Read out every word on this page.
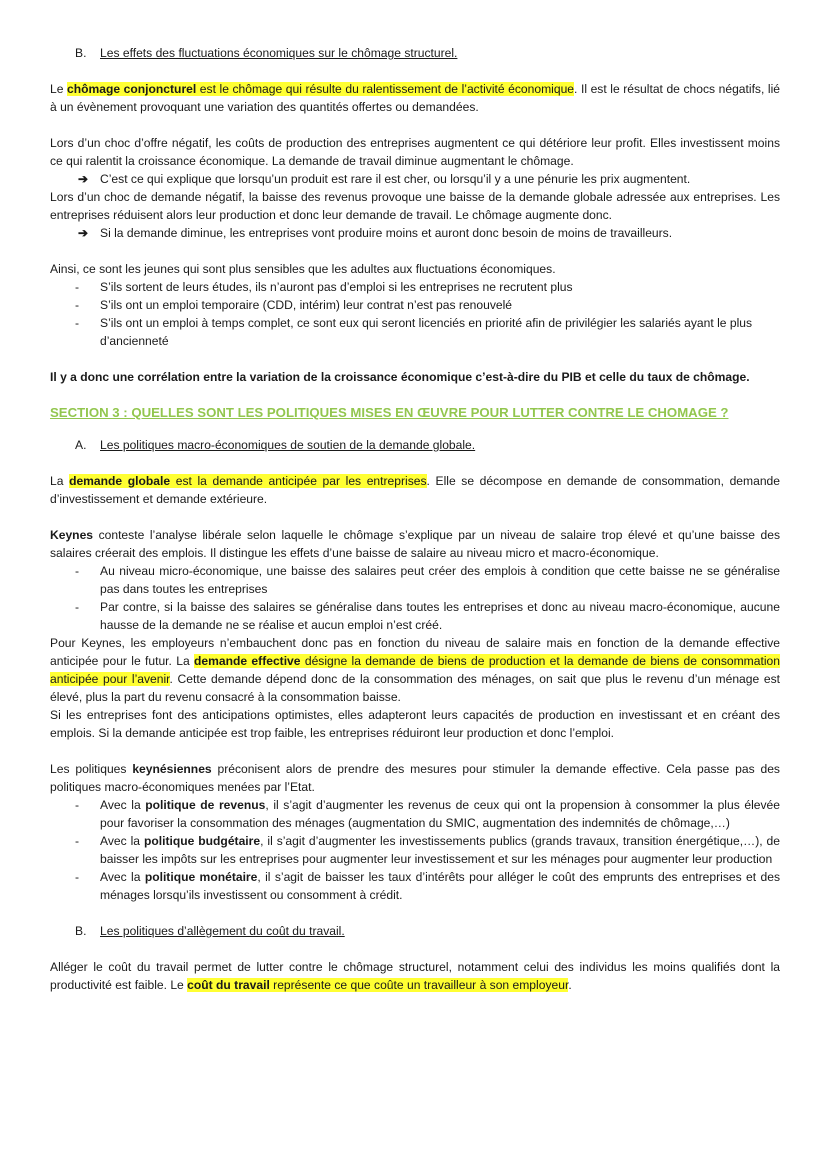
B. Les effets des fluctuations économiques sur le chômage structurel.

Le chômage conjoncturel est le chômage qui résulte du ralentissement de l’activité économique. Il est le résultat de chocs négatifs, lié à un évènement provoquant une variation des quantités offertes ou demandées.

Lors d’un choc d’offre négatif, les coûts de production des entreprises augmentent ce qui détériore leur profit. Elles investissent moins ce qui ralentit la croissance économique. La demande de travail diminue augmentant le chômage.

➔ C’est ce qui explique que lorsqu’un produit est rare il est cher, ou lorsqu’il y a une pénurie les prix augmentent.

Lors d’un choc de demande négatif, la baisse des revenus provoque une baisse de la demande globale adressée aux entreprises. Les entreprises réduisent alors leur production et donc leur demande de travail. Le chômage augmente donc.

➔ Si la demande diminue, les entreprises vont produire moins et auront donc besoin de moins de travailleurs.

Ainsi, ce sont les jeunes qui sont plus sensibles que les adultes aux fluctuations économiques.

- S’ils sortent de leurs études, ils n’auront pas d’emploi si les entreprises ne recrutent plus

- S’ils ont un emploi temporaire (CDD, intérim) leur contrat n’est pas renouvelé

- S’ils ont un emploi à temps complet, ce sont eux qui seront licenciés en priorité afin de privilégier les salariés ayant le plus d’ancienneté

Il y a donc une corrélation entre la variation de la croissance économique c’est-à-dire du PIB et celle du taux de chômage.

SECTION 3 : QUELLES SONT LES POLITIQUES MISES EN ŒUVRE POUR LUTTER CONTRE LE CHOMAGE ?

A. Les politiques macro-économiques de soutien de la demande globale.

La demande globale est la demande anticipée par les entreprises. Elle se décompose en demande de consommation, demande d’investissement et demande extérieure.

Keynes conteste l’analyse libérale selon laquelle le chômage s’explique par un niveau de salaire trop élevé et qu’une baisse des salaires créerait des emplois. Il distingue les effets d’une baisse de salaire au niveau micro et macro-économique.

- Au niveau micro-économique, une baisse des salaires peut créer des emplois à condition que cette baisse ne se généralise pas dans toutes les entreprises

- Par contre, si la baisse des salaires se généralise dans toutes les entreprises et donc au niveau macro-économique, aucune hausse de la demande ne se réalise et aucun emploi n’est créé.

Pour Keynes, les employeurs n’embauchent donc pas en fonction du niveau de salaire mais en fonction de la demande effective anticipée pour le futur. La demande effective désigne la demande de biens de production et la demande de biens de consommation anticipée pour l’avenir. Cette demande dépend donc de la consommation des ménages, on sait que plus le revenu d’un ménage est élevé, plus la part du revenu consacré à la consommation baisse.

Si les entreprises font des anticipations optimistes, elles adapteront leurs capacités de production en investissant et en créant des emplois. Si la demande anticipée est trop faible, les entreprises réduiront leur production et donc l’emploi.

Les politiques keynésiennes préconisent alors de prendre des mesures pour stimuler la demande effective. Cela passe pas des politiques macro-économiques menées par l’Etat.

- Avec la politique de revenus, il s’agit d’augmenter les revenus de ceux qui ont la propension à consommer la plus élevée pour favoriser la consommation des ménages (augmentation du SMIC, augmentation des indemnités de chômage,…)

- Avec la politique budgétaire, il s’agit d’augmenter les investissements publics (grands travaux, transition énergétique,…), de baisser les impôts sur les entreprises pour augmenter leur investissement et sur les ménages pour augmenter leur production

- Avec la politique monétaire, il s’agit de baisser les taux d’intérêts pour alléger le coût des emprunts des entreprises et des ménages lorsqu’ils investissent ou consomment à crédit.

B. Les politiques d’allègement du coût du travail.

Alléger le coût du travail permet de lutter contre le chômage structurel, notamment celui des individus les moins qualifiés dont la productivité est faible. Le coût du travail représente ce que coûte un travailleur à son employeur.
